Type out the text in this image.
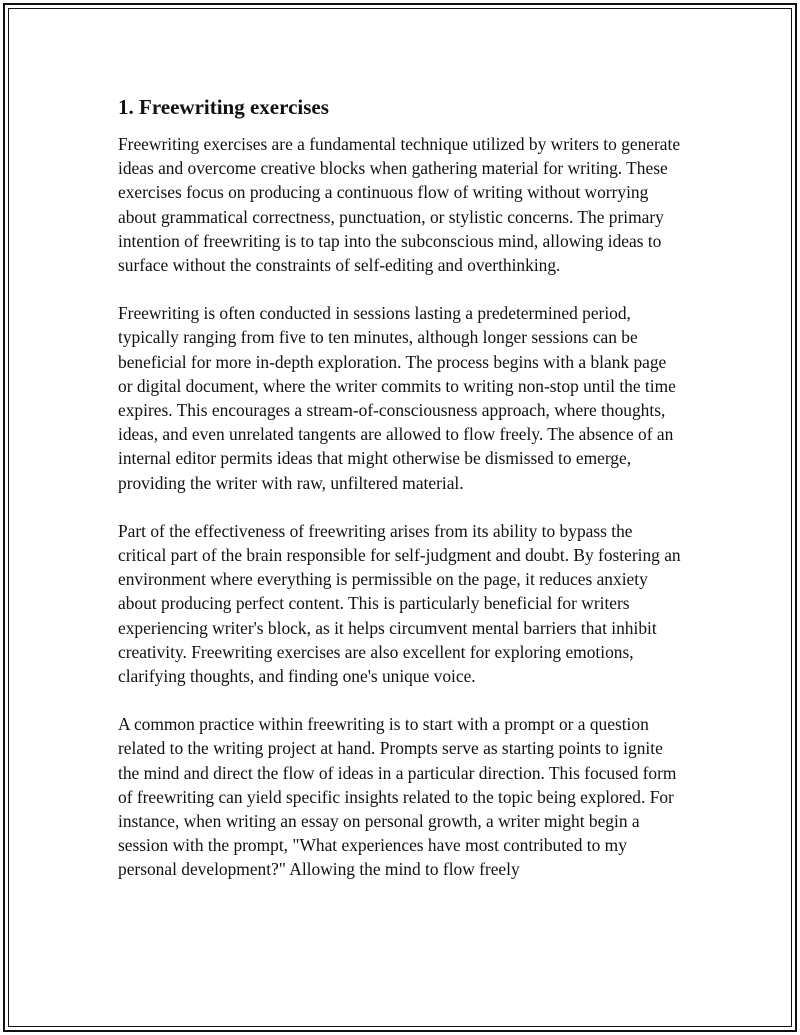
1. Freewriting exercises

Freewriting exercises are a fundamental technique utilized by writers to generate ideas and overcome creative blocks when gathering material for writing. These exercises focus on producing a continuous flow of writing without worrying about grammatical correctness, punctuation, or stylistic concerns. The primary intention of freewriting is to tap into the subconscious mind, allowing ideas to surface without the constraints of self-editing and overthinking.

Freewriting is often conducted in sessions lasting a predetermined period, typically ranging from five to ten minutes, although longer sessions can be beneficial for more in-depth exploration. The process begins with a blank page or digital document, where the writer commits to writing non-stop until the time expires. This encourages a stream-of-consciousness approach, where thoughts, ideas, and even unrelated tangents are allowed to flow freely. The absence of an internal editor permits ideas that might otherwise be dismissed to emerge, providing the writer with raw, unfiltered material.

Part of the effectiveness of freewriting arises from its ability to bypass the critical part of the brain responsible for self-judgment and doubt. By fostering an environment where everything is permissible on the page, it reduces anxiety about producing perfect content. This is particularly beneficial for writers experiencing writer's block, as it helps circumvent mental barriers that inhibit creativity. Freewriting exercises are also excellent for exploring emotions, clarifying thoughts, and finding one's unique voice.

A common practice within freewriting is to start with a prompt or a question related to the writing project at hand. Prompts serve as starting points to ignite the mind and direct the flow of ideas in a particular direction. This focused form of freewriting can yield specific insights related to the topic being explored. For instance, when writing an essay on personal growth, a writer might begin a session with the prompt, "What experiences have most contributed to my personal development?" Allowing the mind to flow freely
